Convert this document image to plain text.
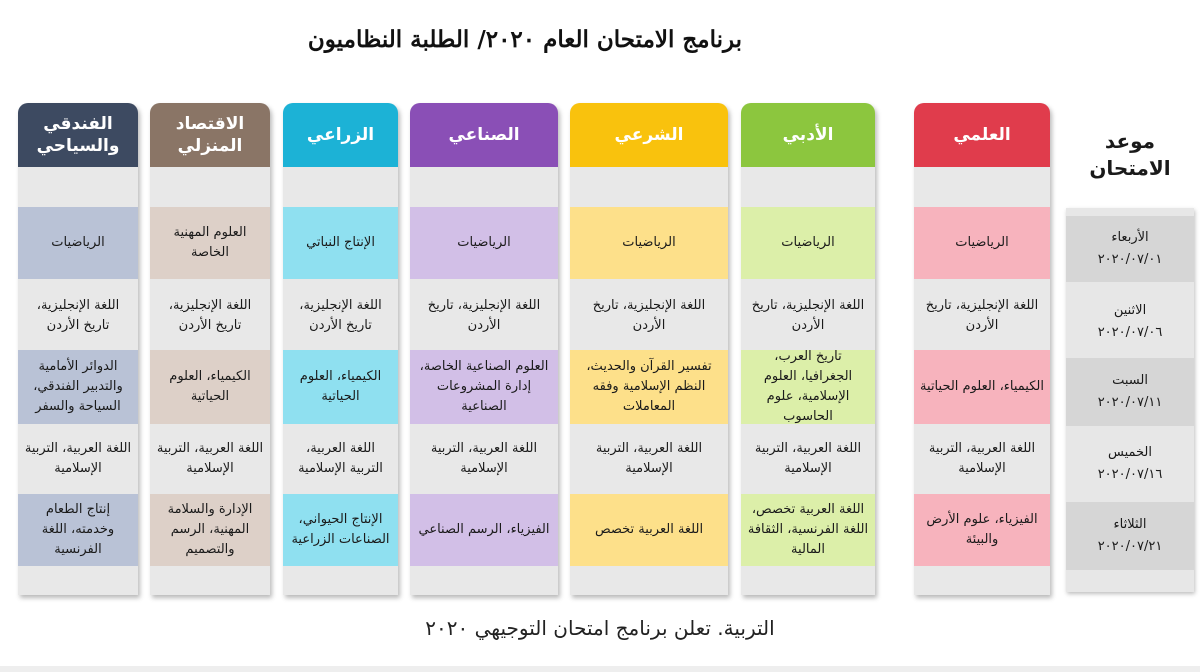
برنامج الامتحان العام ٢٠٢٠/ الطلبة النظاميون
موعد الامتحان
الأربعاء
٢٠٢٠/٠٧/٠١
الاثنين
٢٠٢٠/٠٧/٠٦
السبت
٢٠٢٠/٠٧/١١
الخميس
٢٠٢٠/٠٧/١٦
الثلاثاء
٢٠٢٠/٠٧/٢١
العلمي
الرياضيات
اللغة الإنجليزية، تاريخ الأردن
الكيمياء، العلوم الحياتية
اللغة العربية، التربية الإسلامية
الفيزياء، علوم الأرض والبيئة
الأدبي
الرياضيات
اللغة الإنجليزية، تاريخ الأردن
تاريخ العرب، الجغرافيا، العلوم الإسلامية، علوم الحاسوب
اللغة العربية، التربية الإسلامية
اللغة العربية تخصص، اللغة الفرنسية، الثقافة المالية
الشرعي
الرياضيات
اللغة الإنجليزية، تاريخ الأردن
تفسير القرآن والحديث، النظم الإسلامية وفقه المعاملات
اللغة العربية، التربية الإسلامية
اللغة العربية تخصص
الصناعي
الرياضيات
اللغة الإنجليزية، تاريخ الأردن
العلوم الصناعية الخاصة، إدارة المشروعات الصناعية
اللغة العربية، التربية الإسلامية
الفيزياء، الرسم الصناعي
الزراعي
الإنتاج النباتي
اللغة الإنجليزية، تاريخ الأردن
الكيمياء، العلوم الحياتية
اللغة العربية، التربية الإسلامية
الإنتاج الحيواني، الصناعات الزراعية
الاقتصاد المنزلي
العلوم المهنية الخاصة
اللغة الإنجليزية، تاريخ الأردن
الكيمياء، العلوم الحياتية
اللغة العربية، التربية الإسلامية
الإدارة والسلامة المهنية، الرسم والتصميم
الفندقي والسياحي
الرياضيات
اللغة الإنجليزية، تاريخ الأردن
الدوائر الأمامية والتدبير الفندقي، السياحة والسفر
اللغة العربية، التربية الإسلامية
إنتاج الطعام وخدمته، اللغة الفرنسية
التربية. تعلن برنامج امتحان التوجيهي ٢٠٢٠
